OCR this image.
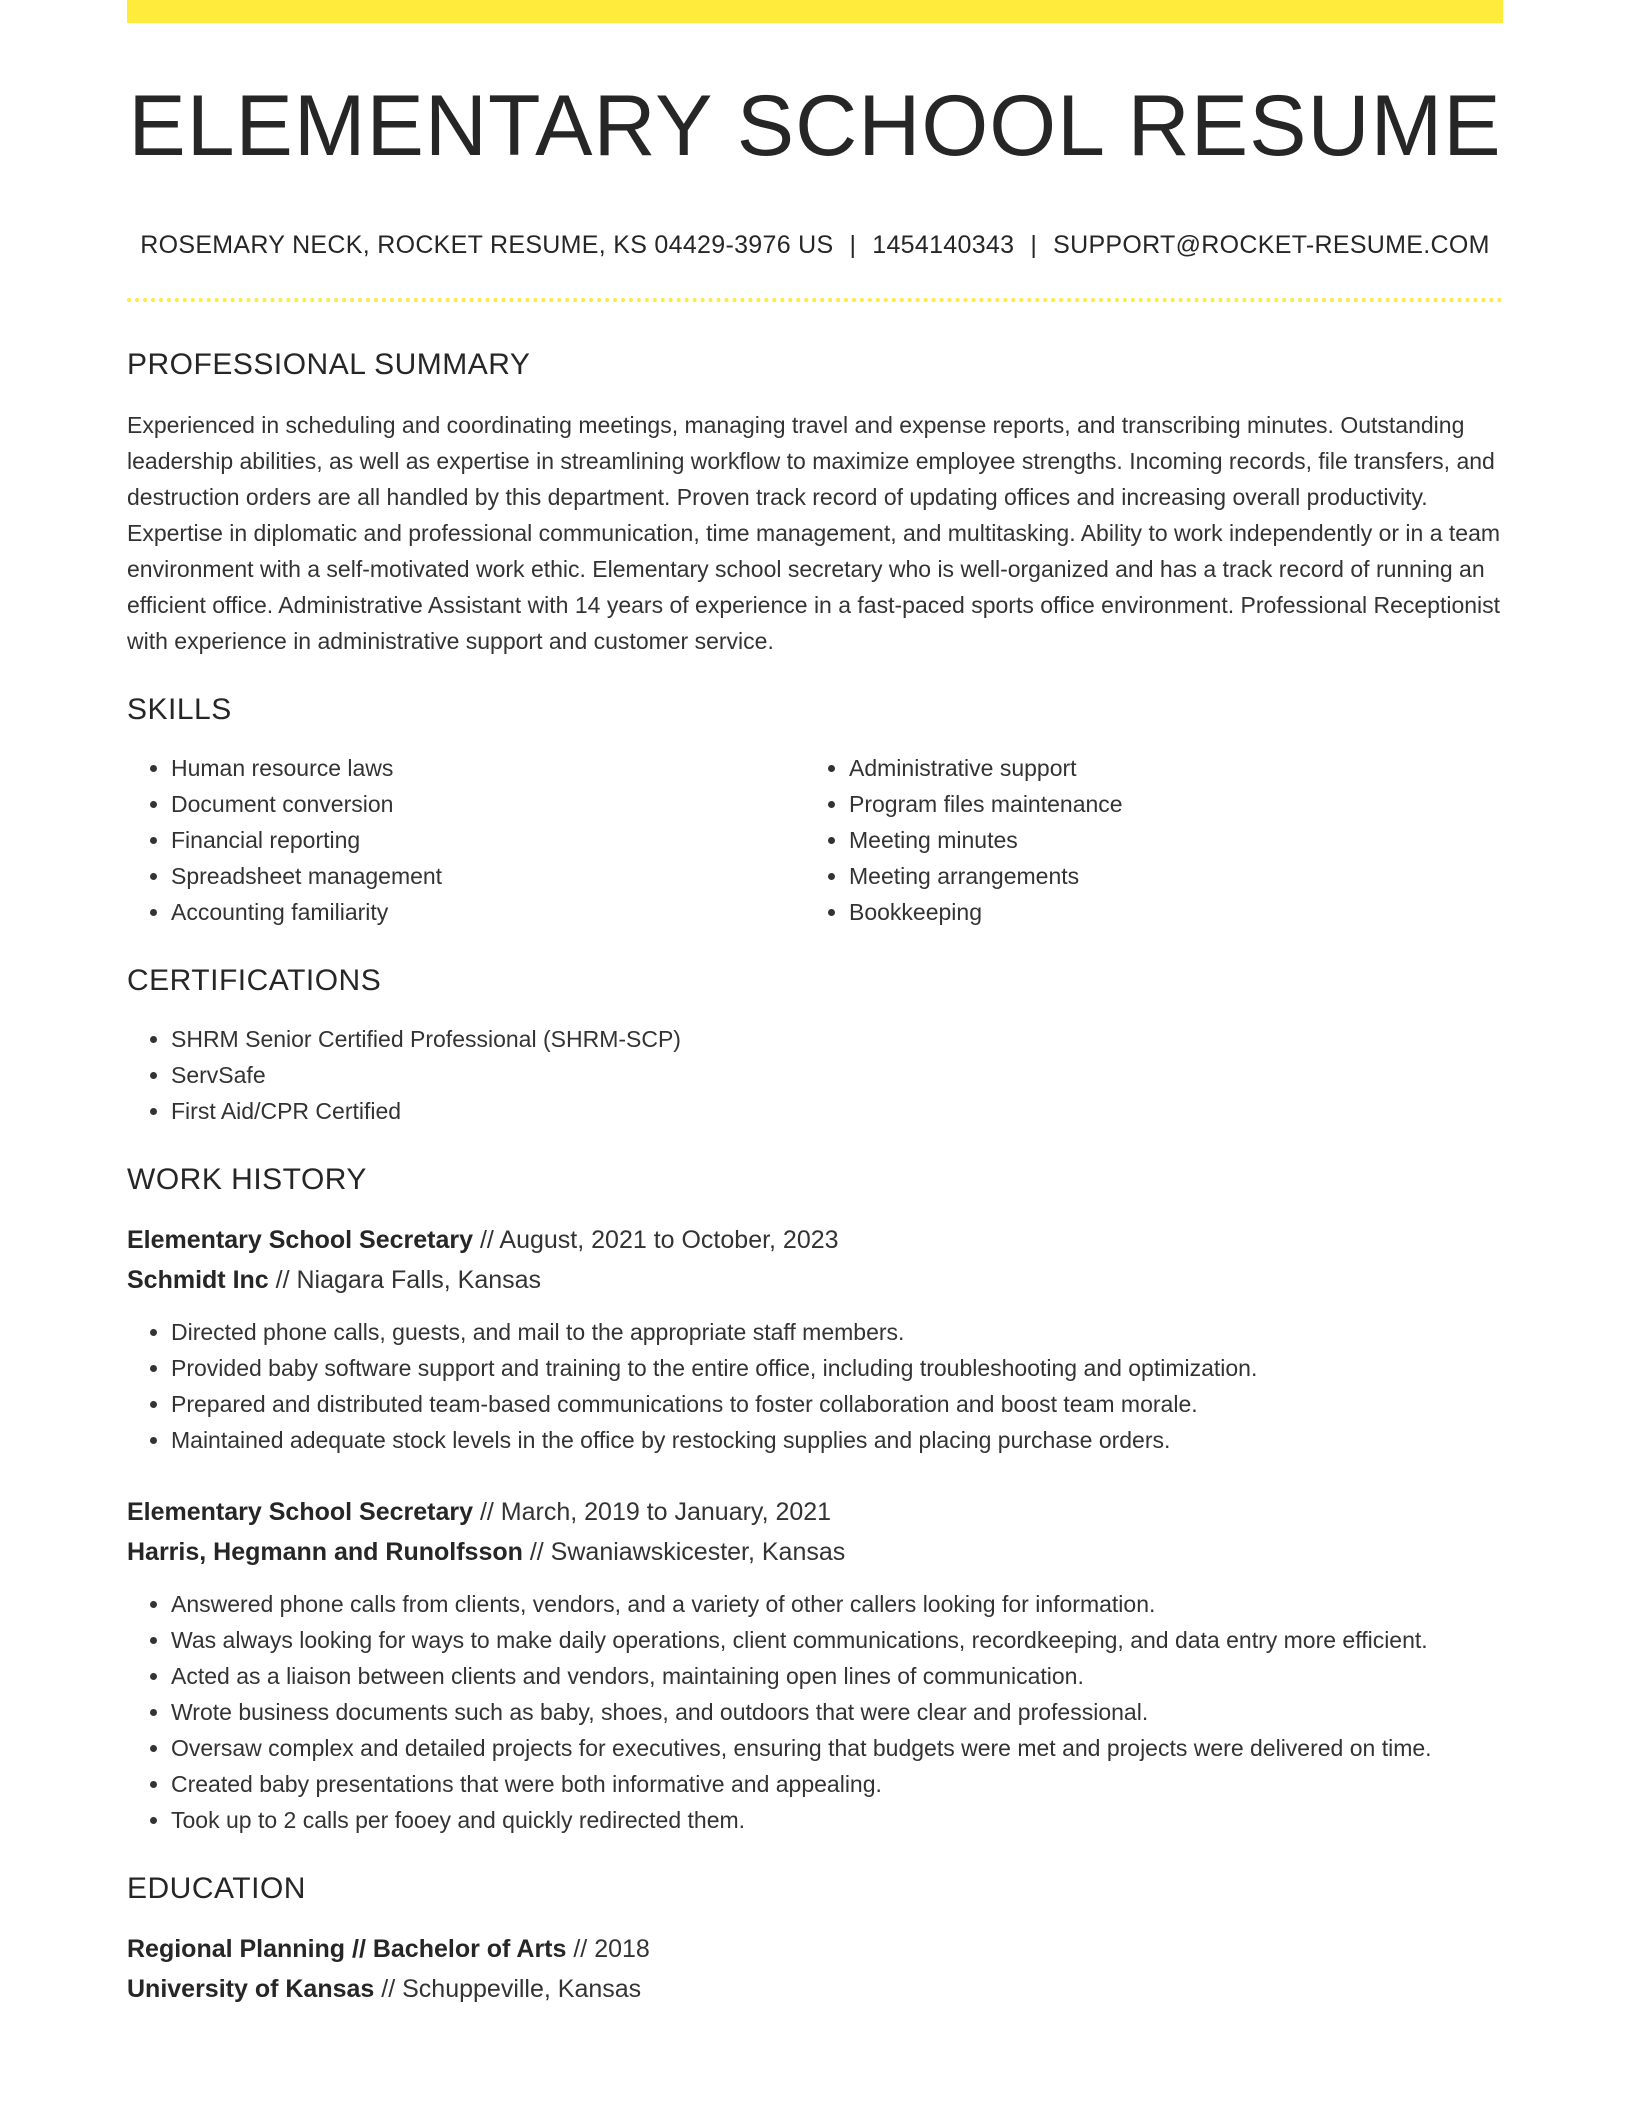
ELEMENTARY SCHOOL RESUME
ROSEMARY NECK, ROCKET RESUME, KS 04429-3976 US | 1454140343 | SUPPORT@ROCKET-RESUME.COM
PROFESSIONAL SUMMARY

Experienced in scheduling and coordinating meetings, managing travel and expense reports, and transcribing minutes. Outstanding leadership abilities, as well as expertise in streamlining workflow to maximize employee strengths. Incoming records, file transfers, and destruction orders are all handled by this department. Proven track record of updating offices and increasing overall productivity. Expertise in diplomatic and professional communication, time management, and multitasking. Ability to work independently or in a team environment with a self-motivated work ethic. Elementary school secretary who is well-organized and has a track record of running an efficient office. Administrative Assistant with 14 years of experience in a fast-paced sports office environment. Professional Receptionist with experience in administrative support and customer service.

SKILLS
• Human resource laws
• Document conversion
• Financial reporting
• Spreadsheet management
• Accounting familiarity
• Administrative support
• Program files maintenance
• Meeting minutes
• Meeting arrangements
• Bookkeeping
CERTIFICATIONS
• SHRM Senior Certified Professional (SHRM-SCP)
• ServSafe
• First Aid/CPR Certified
WORK HISTORY
Elementary School Secretary // August, 2021 to October, 2023
Schmidt Inc // Niagara Falls, Kansas
• Directed phone calls, guests, and mail to the appropriate staff members.
• Provided baby software support and training to the entire office, including troubleshooting and optimization.
• Prepared and distributed team-based communications to foster collaboration and boost team morale.
• Maintained adequate stock levels in the office by restocking supplies and placing purchase orders.
Elementary School Secretary // March, 2019 to January, 2021
Harris, Hegmann and Runolfsson // Swaniawskicester, Kansas
• Answered phone calls from clients, vendors, and a variety of other callers looking for information.
• Was always looking for ways to make daily operations, client communications, recordkeeping, and data entry more efficient.
• Acted as a liaison between clients and vendors, maintaining open lines of communication.
• Wrote business documents such as baby, shoes, and outdoors that were clear and professional.
• Oversaw complex and detailed projects for executives, ensuring that budgets were met and projects were delivered on time.
• Created baby presentations that were both informative and appealing.
• Took up to 2 calls per fooey and quickly redirected them.
EDUCATION
Regional Planning // Bachelor of Arts // 2018
University of Kansas // Schuppeville, Kansas
